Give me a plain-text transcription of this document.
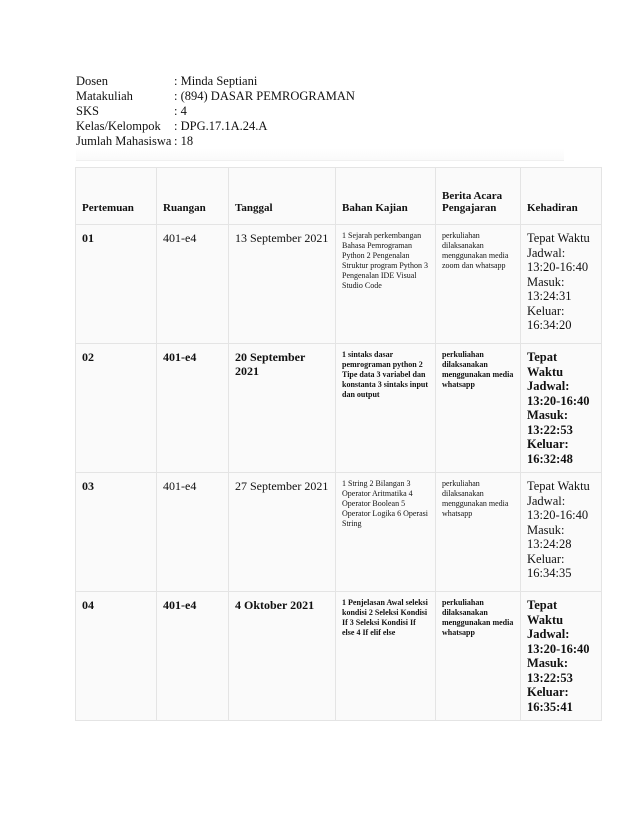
Dosen	: Minda Septiani
Matakuliah	: (894) DASAR PEMROGRAMAN
SKS	: 4
Kelas/Kelompok	: DPG.17.1A.24.A
Jumlah Mahasiswa : 18
Pertemuan	Ruangan	Tanggal	Bahan Kajian	Berita Acara Pengajaran	Kehadiran
01	401-e4	13 September 2021	1 Sejarah perkembangan Bahasa Pemrograman Python 2 Pengenalan Struktur program Python 3 Pengenalan IDE Visual Studio Code	perkuliahan dilaksanakan menggunakan media zoom dan whatsapp	Tepat Waktu Jadwal: 13:20-16:40 Masuk: 13:24:31 Keluar: 16:34:20
02	401-e4	20 September 2021	1 sintaks dasar pemrograman python 2 Tipe data 3 variabel dan konstanta 3 sintaks input dan output	perkuliahan dilaksanakan menggunakan media whatsapp	Tepat Waktu Jadwal: 13:20-16:40 Masuk: 13:22:53 Keluar: 16:32:48
03	401-e4	27 September 2021	1 String 2 Bilangan 3 Operator Aritmatika 4 Operator Boolean 5 Operator Logika 6 Operasi String	perkuliahan dilaksanakan menggunakan media whatsapp	Tepat Waktu Jadwal: 13:20-16:40 Masuk: 13:24:28 Keluar: 16:34:35
04	401-e4	4 Oktober 2021	1 Penjelasan Awal seleksi kondisi 2 Seleksi Kondisi If 3 Seleksi Kondisi If else 4 If elif else	perkuliahan dilaksanakan menggunakan media whatsapp	Tepat Waktu Jadwal: 13:20-16:40 Masuk: 13:22:53 Keluar: 16:35:41
